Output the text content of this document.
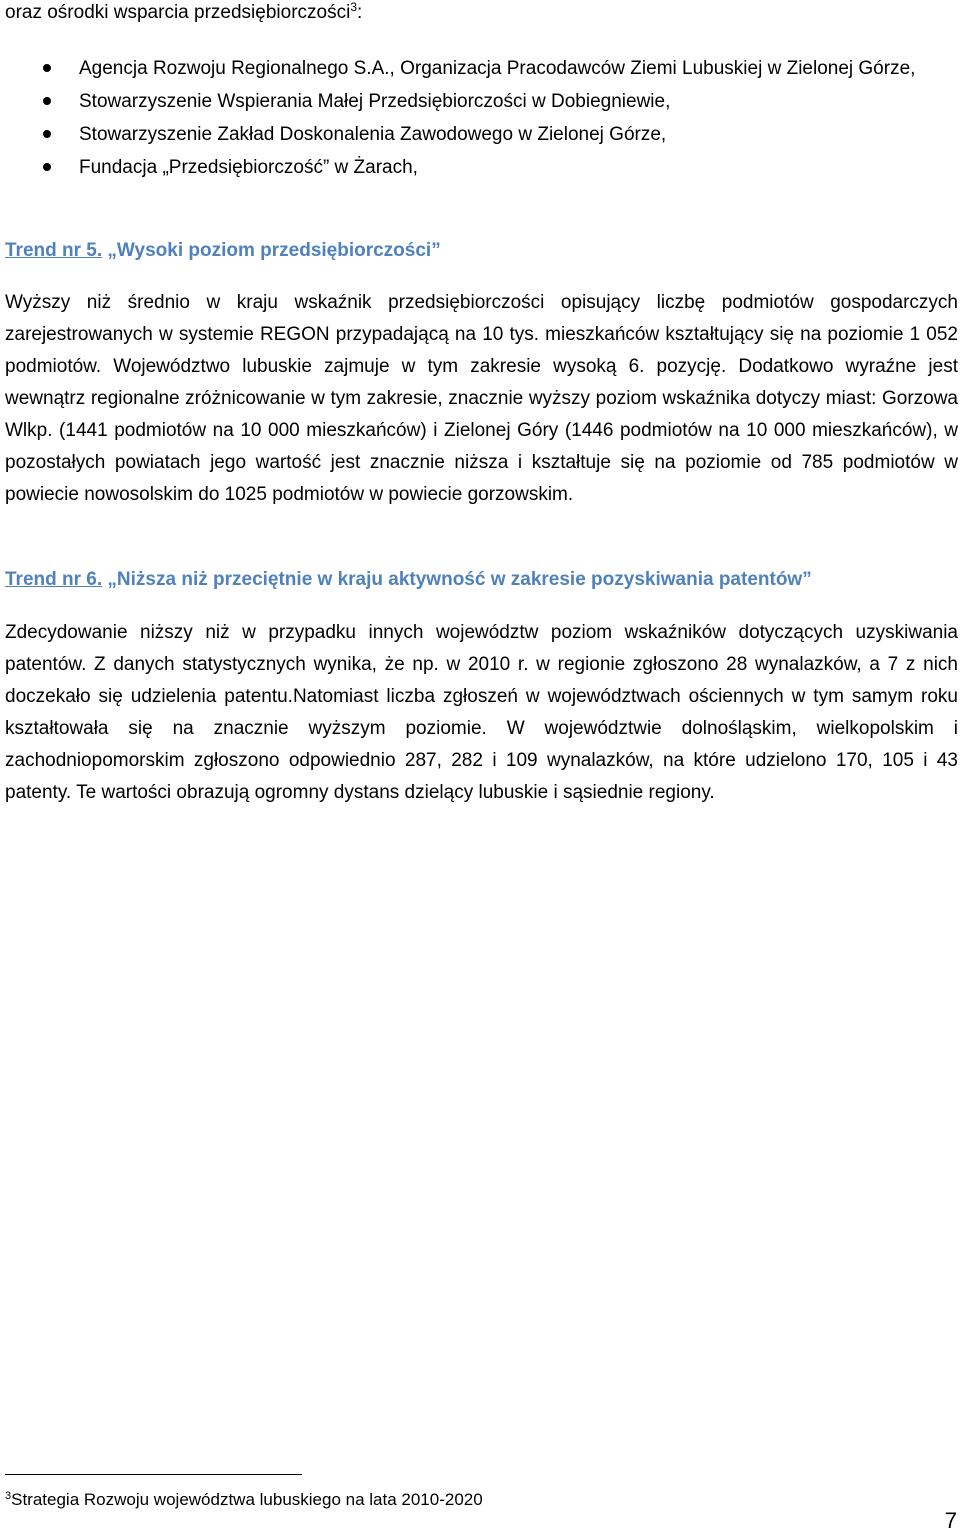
oraz ośrodki wsparcia przedsiębiorczości$^3$:
Agencja Rozwoju Regionalnego S.A., Organizacja Pracodawców Ziemi Lubuskiej w Zielonej Górze,
Stowarzyszenie Wspierania Małej Przedsiębiorczości w Dobiegniewie,
Stowarzyszenie Zakład Doskonalenia Zawodowego w Zielonej Górze,
Fundacja „Przedsiębiorczość” w Żarach,
Trend nr 5. „Wysoki poziom przedsiębiorczości”

Wyższy niż średnio w kraju wskaźnik przedsiębiorczości opisujący liczbę podmiotów gospodarczych zarejestrowanych w systemie REGON przypadającą na 10 tys. mieszkańców kształtujący się na poziomie 1 052 podmiotów. Województwo lubuskie zajmuje w tym zakresie wysoką 6. pozycję. Dodatkowo wyraźne jest wewnątrz regionalne zróżnicowanie w tym zakresie, znacznie wyższy poziom wskaźnika dotyczy miast: Gorzowa Wlkp. (1441 podmiotów na 10 000 mieszkańców) i Zielonej Góry (1446 podmiotów na 10 000 mieszkańców), w pozostałych powiatach jego wartość jest znacznie niższa i kształtuje się na poziomie od 785 podmiotów w powiecie nowosolskim do 1025 podmiotów w powiecie gorzowskim.

Trend nr 6. „Niższa niż przeciętnie w kraju aktywność w zakresie pozyskiwania patentów”

Zdecydowanie niższy niż w przypadku innych województw poziom wskaźników dotyczących uzyskiwania patentów. Z danych statystycznych wynika, że np. w 2010 r. w regionie zgłoszono 28 wynalazków, a 7 z nich doczekało się udzielenia patentu.Natomiast liczba zgłoszeń w województwach ościennych w tym samym roku kształtowała się na znacznie wyższym poziomie. W województwie dolnośląskim, wielkopolskim i zachodniopomorskim zgłoszono odpowiednio 287, 282 i 109 wynalazków, na które udzielono 170, 105 i 43 patenty. Te wartości obrazują ogromny dystans dzielący lubuskie i sąsiednie regiony.

$^3$Strategia Rozwoju województwa lubuskiego na lata 2010-2020
7
